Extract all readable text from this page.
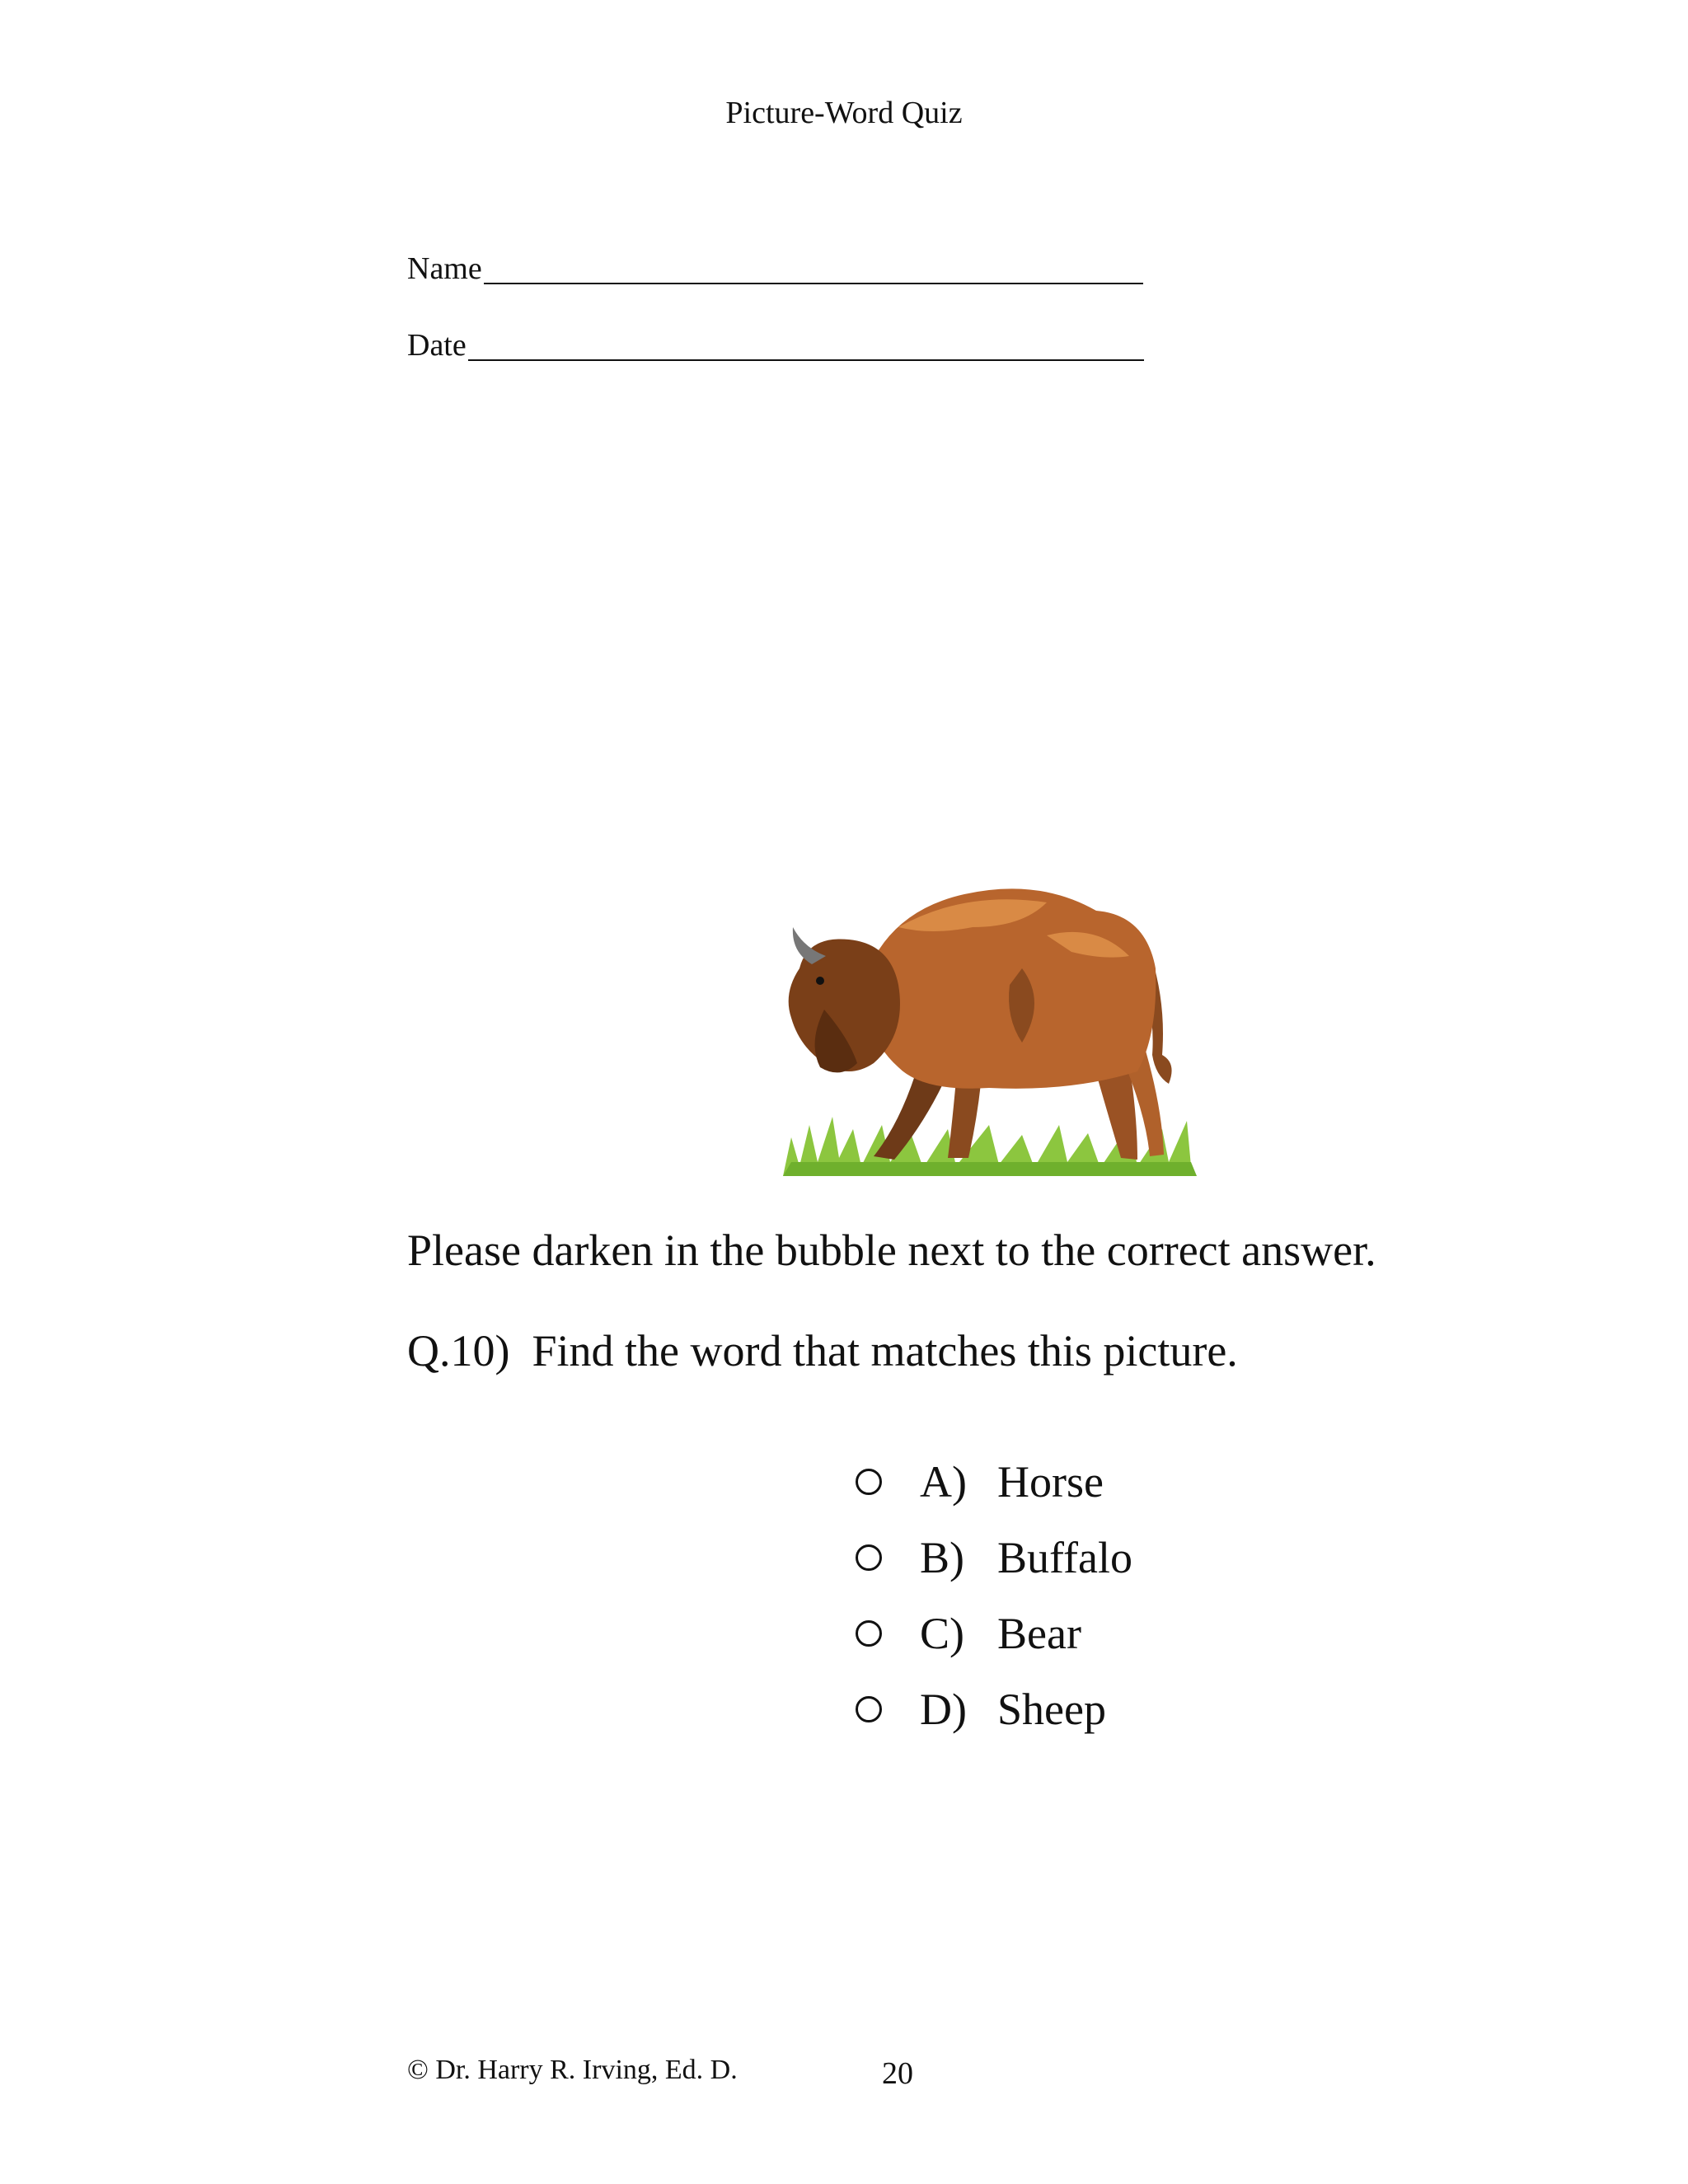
Picture-Word Quiz
Name
Date
Please darken in the bubble next to the correct answer.
Q.10) Find the word that matches this picture.
A) Horse
B) Buffalo
C) Bear
D) Sheep
© Dr. Harry R. Irving, Ed. D.	20
